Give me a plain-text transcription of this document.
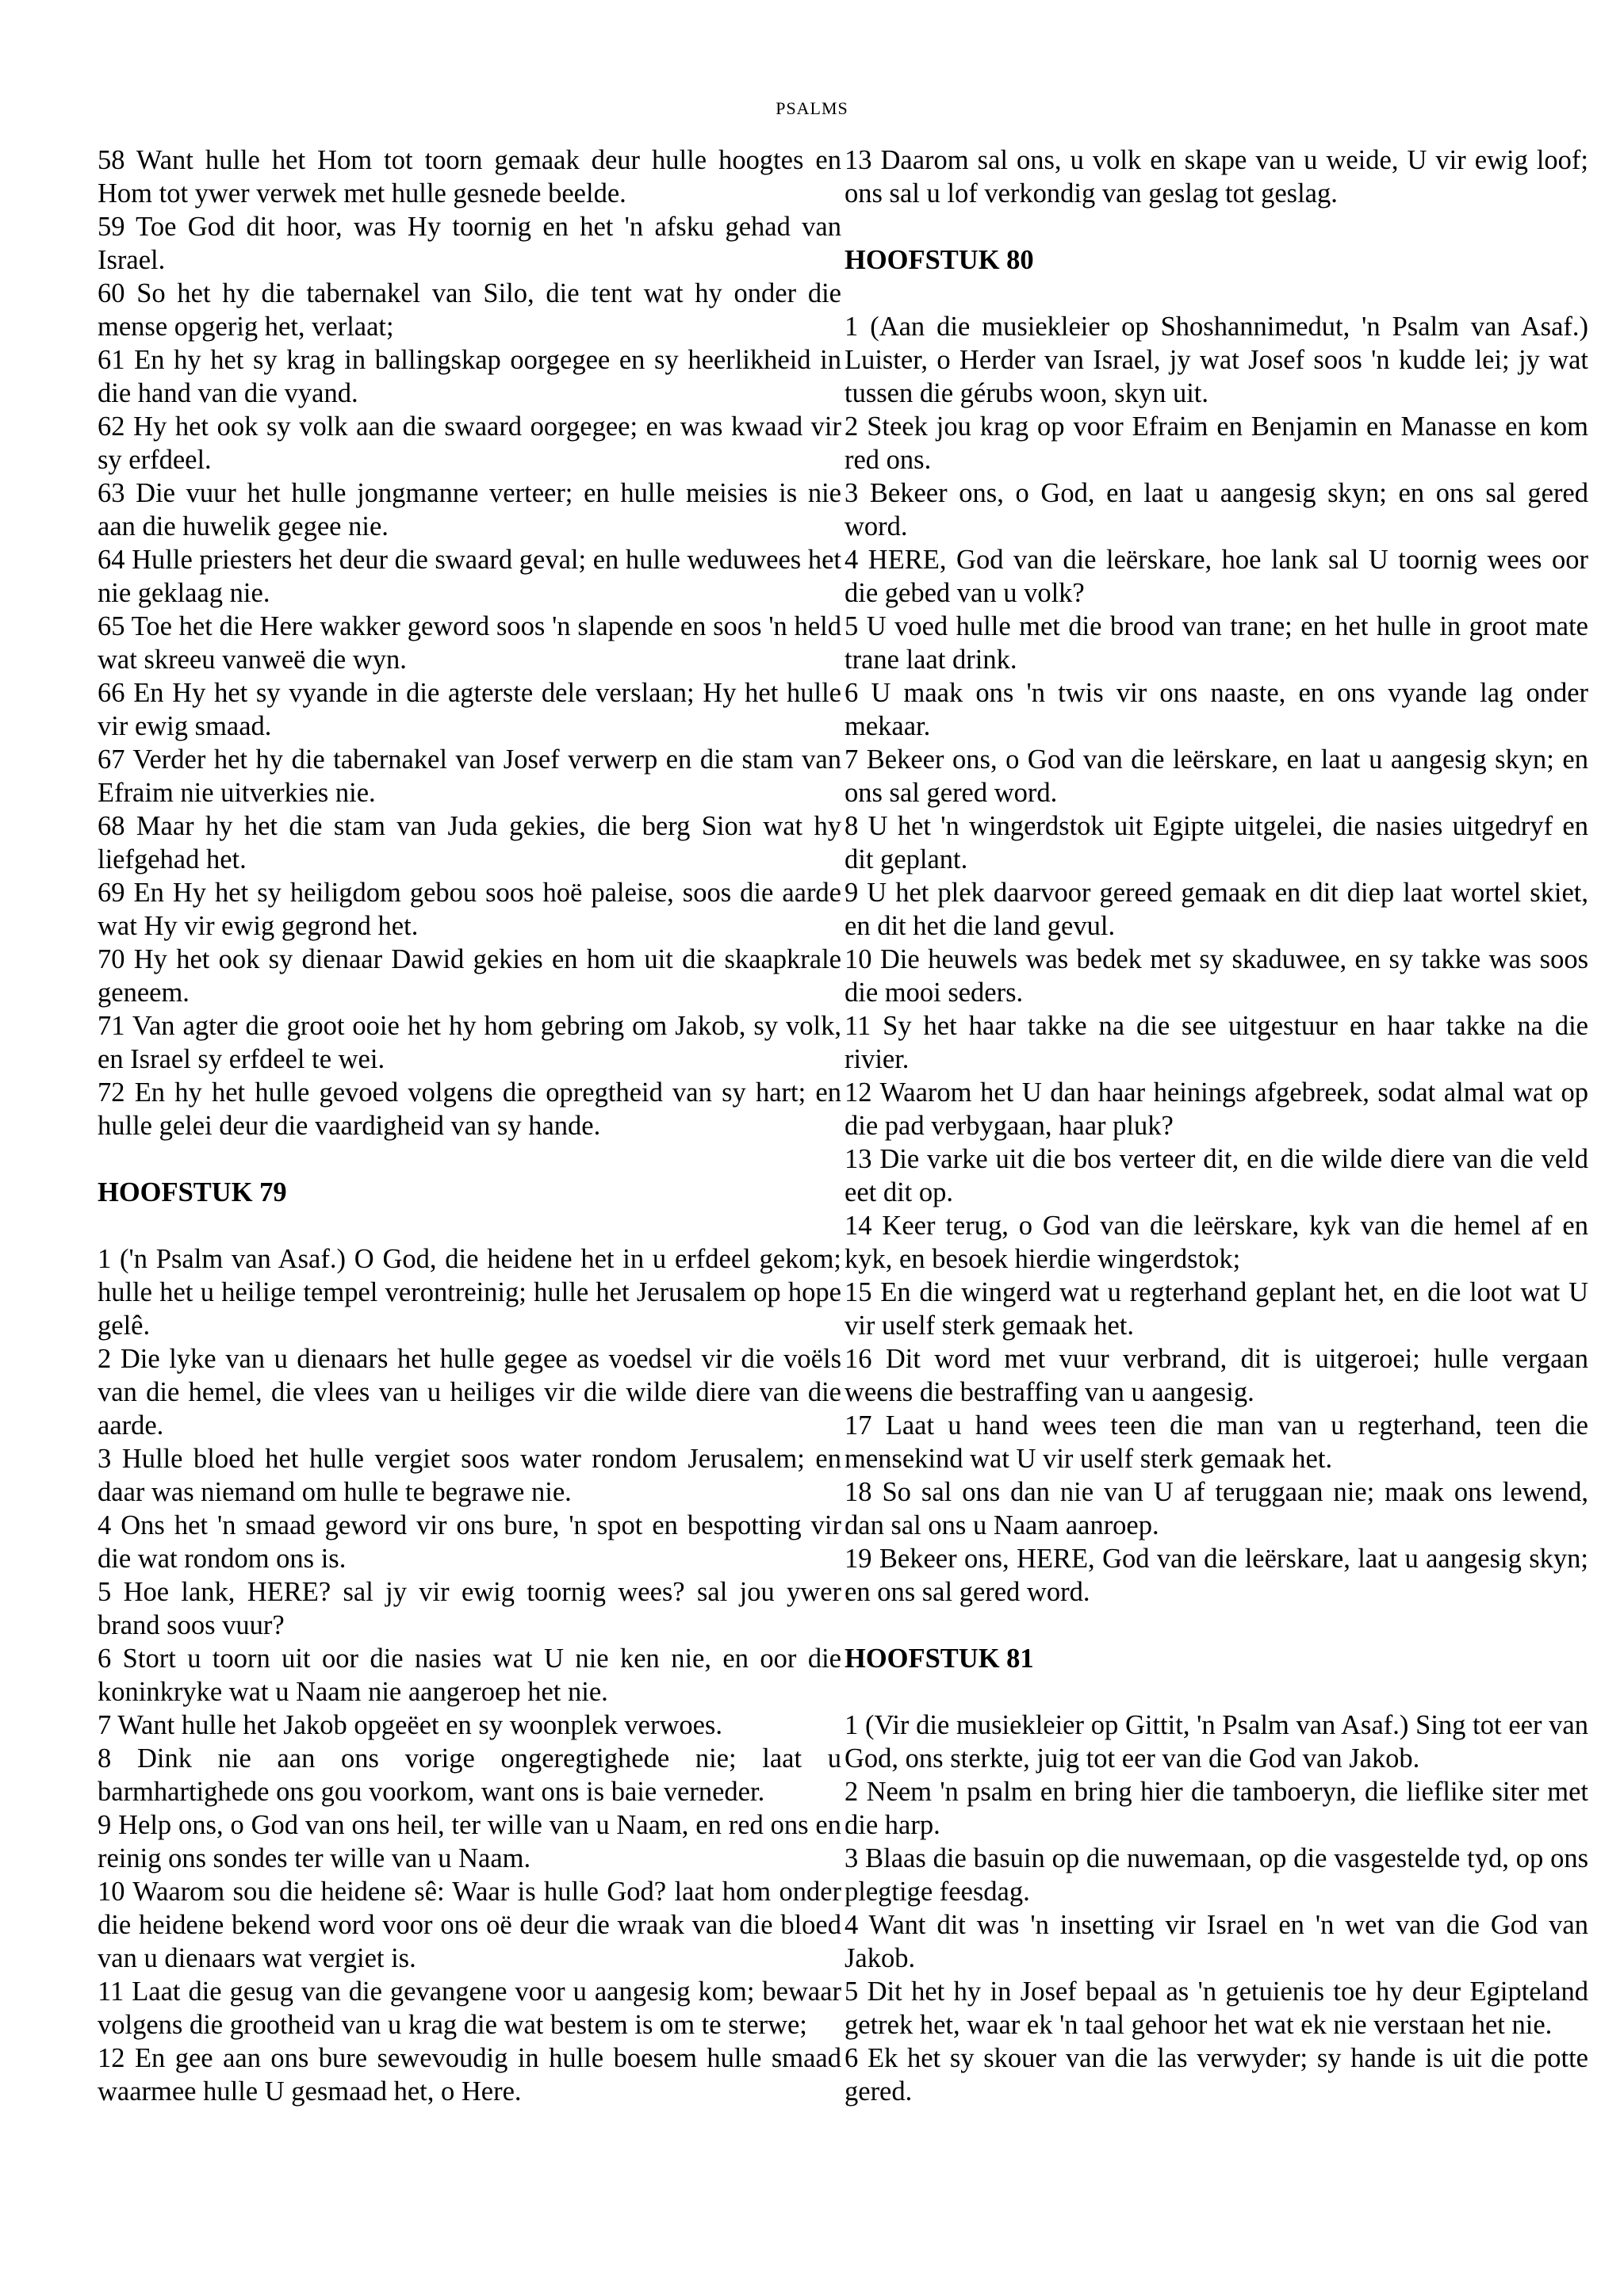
PSALMS

58 Want hulle het Hom tot toorn gemaak deur hulle hoogtes en Hom tot ywer verwek met hulle gesnede beelde.

59 Toe God dit hoor, was Hy toornig en het 'n afsku gehad van Israel.

60 So het hy die tabernakel van Silo, die tent wat hy onder die mense opgerig het, verlaat;

61 En hy het sy krag in ballingskap oorgegee en sy heerlikheid in die hand van die vyand.

62 Hy het ook sy volk aan die swaard oorgegee; en was kwaad vir sy erfdeel.

63 Die vuur het hulle jongmanne verteer; en hulle meisies is nie aan die huwelik gegee nie.

64 Hulle priesters het deur die swaard geval; en hulle weduwees het nie geklaag nie.

65 Toe het die Here wakker geword soos 'n slapende en soos 'n held wat skreeu vanweë die wyn.

66 En Hy het sy vyande in die agterste dele verslaan; Hy het hulle vir ewig smaad.

67 Verder het hy die tabernakel van Josef verwerp en die stam van Efraim nie uitverkies nie.

68 Maar hy het die stam van Juda gekies, die berg Sion wat hy liefgehad het.

69 En Hy het sy heiligdom gebou soos hoë paleise, soos die aarde wat Hy vir ewig gegrond het.

70 Hy het ook sy dienaar Dawid gekies en hom uit die skaapkrale geneem.

71 Van agter die groot ooie het hy hom gebring om Jakob, sy volk, en Israel sy erfdeel te wei.

72 En hy het hulle gevoed volgens die opregtheid van sy hart; en hulle gelei deur die vaardigheid van sy hande.

HOOFSTUK 79

1 ('n Psalm van Asaf.) O God, die heidene het in u erfdeel gekom; hulle het u heilige tempel verontreinig; hulle het Jerusalem op hope gelê.

2 Die lyke van u dienaars het hulle gegee as voedsel vir die voëls van die hemel, die vlees van u heiliges vir die wilde diere van die aarde.

3 Hulle bloed het hulle vergiet soos water rondom Jerusalem; en daar was niemand om hulle te begrawe nie.

4 Ons het 'n smaad geword vir ons bure, 'n spot en bespotting vir die wat rondom ons is.

5 Hoe lank, HERE? sal jy vir ewig toornig wees? sal jou ywer brand soos vuur?

6 Stort u toorn uit oor die nasies wat U nie ken nie, en oor die koninkryke wat u Naam nie aangeroep het nie.

7 Want hulle het Jakob opgeëet en sy woonplek verwoes.

8 Dink nie aan ons vorige ongeregtighede nie; laat u barmhartighede ons gou voorkom, want ons is baie verneder.

9 Help ons, o God van ons heil, ter wille van u Naam, en red ons en reinig ons sondes ter wille van u Naam.

10 Waarom sou die heidene sê: Waar is hulle God? laat hom onder die heidene bekend word voor ons oë deur die wraak van die bloed van u dienaars wat vergiet is.

11 Laat die gesug van die gevangene voor u aangesig kom; bewaar volgens die grootheid van u krag die wat bestem is om te sterwe;

12 En gee aan ons bure sewevoudig in hulle boesem hulle smaad waarmee hulle U gesmaad het, o Here.

13 Daarom sal ons, u volk en skape van u weide, U vir ewig loof; ons sal u lof verkondig van geslag tot geslag.

HOOFSTUK 80

1 (Aan die musiekleier op Shoshannimedut, 'n Psalm van Asaf.) Luister, o Herder van Israel, jy wat Josef soos 'n kudde lei; jy wat tussen die gérubs woon, skyn uit.

2 Steek jou krag op voor Efraim en Benjamin en Manasse en kom red ons.

3 Bekeer ons, o God, en laat u aangesig skyn; en ons sal gered word.

4 HERE, God van die leërskare, hoe lank sal U toornig wees oor die gebed van u volk?

5 U voed hulle met die brood van trane; en het hulle in groot mate trane laat drink.

6 U maak ons 'n twis vir ons naaste, en ons vyande lag onder mekaar.

7 Bekeer ons, o God van die leërskare, en laat u aangesig skyn; en ons sal gered word.

8 U het 'n wingerdstok uit Egipte uitgelei, die nasies uitgedryf en dit geplant.

9 U het plek daarvoor gereed gemaak en dit diep laat wortel skiet, en dit het die land gevul.

10 Die heuwels was bedek met sy skaduwee, en sy takke was soos die mooi seders.

11 Sy het haar takke na die see uitgestuur en haar takke na die rivier.

12 Waarom het U dan haar heinings afgebreek, sodat almal wat op die pad verbygaan, haar pluk?

13 Die varke uit die bos verteer dit, en die wilde diere van die veld eet dit op.

14 Keer terug, o God van die leërskare, kyk van die hemel af en kyk, en besoek hierdie wingerdstok;

15 En die wingerd wat u regterhand geplant het, en die loot wat U vir uself sterk gemaak het.

16 Dit word met vuur verbrand, dit is uitgeroei; hulle vergaan weens die bestraffing van u aangesig.

17 Laat u hand wees teen die man van u regterhand, teen die mensekind wat U vir uself sterk gemaak het.

18 So sal ons dan nie van U af teruggaan nie; maak ons lewend, dan sal ons u Naam aanroep.

19 Bekeer ons, HERE, God van die leërskare, laat u aangesig skyn; en ons sal gered word.

HOOFSTUK 81

1 (Vir die musiekleier op Gittit, 'n Psalm van Asaf.) Sing tot eer van God, ons sterkte, juig tot eer van die God van Jakob.

2 Neem 'n psalm en bring hier die tamboeryn, die lieflike siter met die harp.

3 Blaas die basuin op die nuwemaan, op die vasgestelde tyd, op ons plegtige feesdag.

4 Want dit was 'n insetting vir Israel en 'n wet van die God van Jakob.

5 Dit het hy in Josef bepaal as 'n getuienis toe hy deur Egipteland getrek het, waar ek 'n taal gehoor het wat ek nie verstaan het nie.

6 Ek het sy skouer van die las verwyder; sy hande is uit die potte gered.
